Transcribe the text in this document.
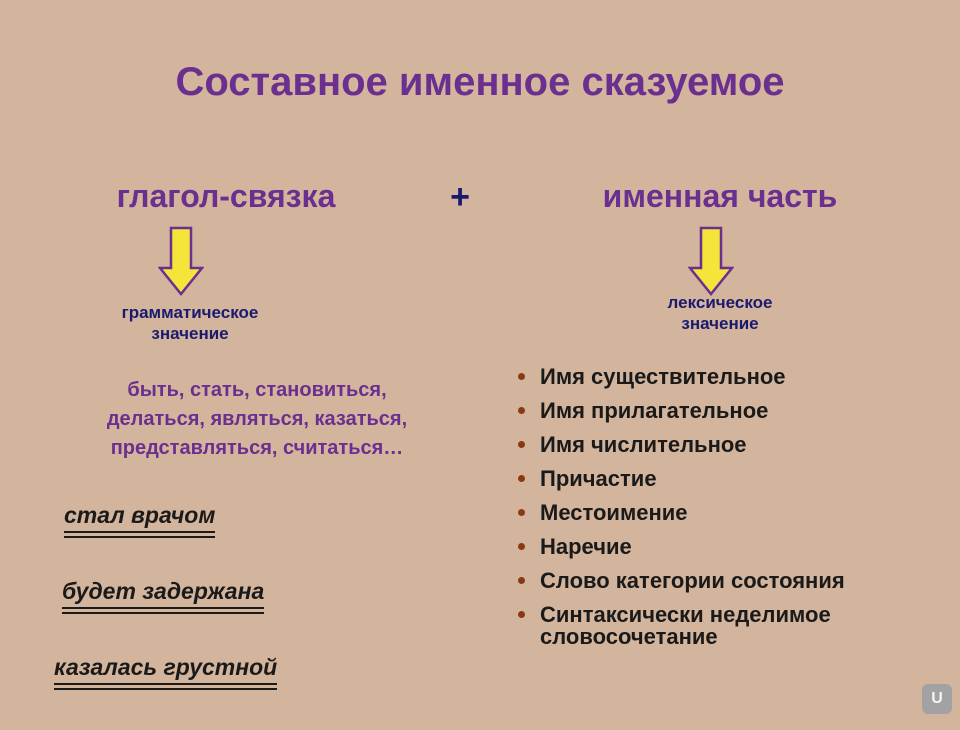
Составное именное сказуемое
глагол-связка	+	именная часть
грамматическое
значение
лексическое
значение
быть, стать, становиться,
делаться, являться, казаться,
представляться, считаться…
стал врачом
будет задержана
казалась грустной
Имя существительное
Имя прилагательное
Имя числительное
Причастие
Местоимение
Наречие
Слово категории состояния
Синтаксически неделимое
словосочетание
U
